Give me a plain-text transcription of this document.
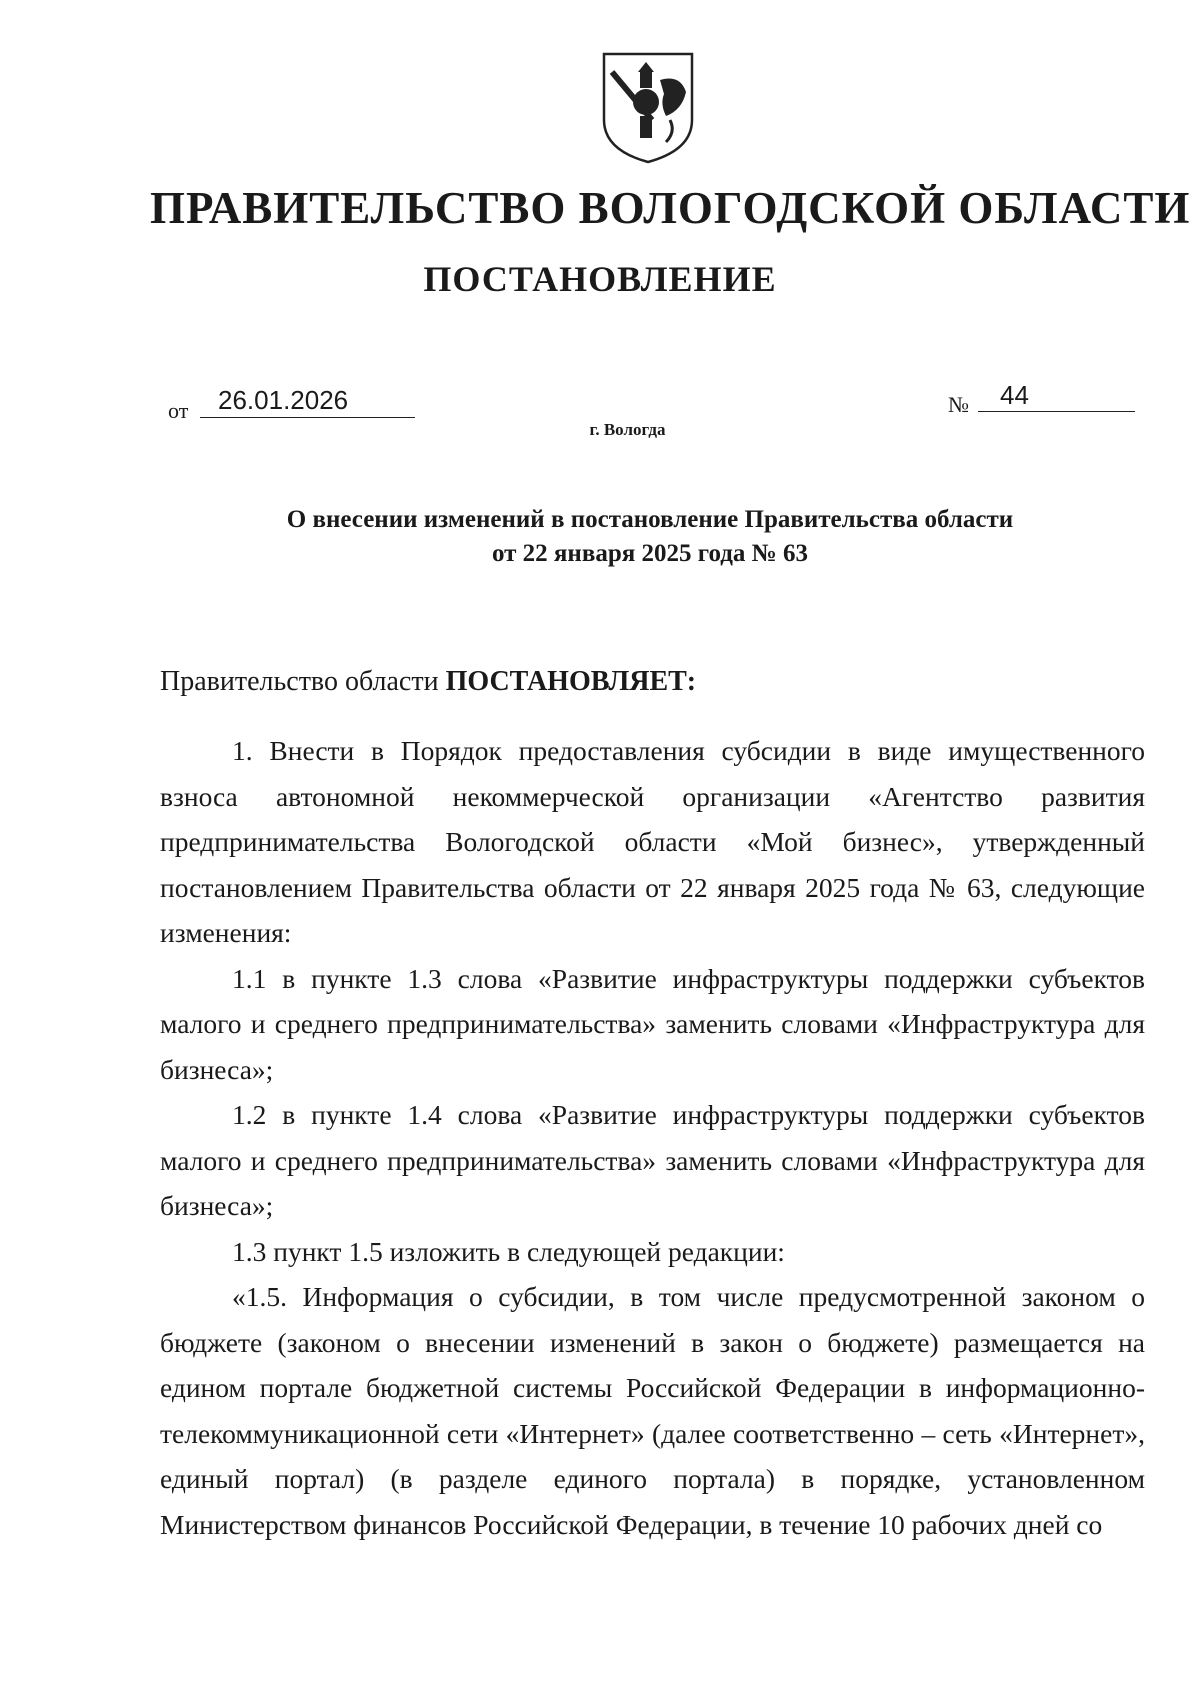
ПРАВИТЕЛЬСТВО ВОЛОГОДСКОЙ ОБЛАСТИ
ПОСТАНОВЛЕНИЕ
от	26.01.2026	№	44
г. Вологда
О внесении изменений в постановление Правительства области
от 22 января 2025 года № 63
Правительство области ПОСТАНОВЛЯЕТ:

1. Внести в Порядок предоставления субсидии в виде имущественного взноса автономной некоммерческой организации «Агентство развития предпринимательства Вологодской области «Мой бизнес», утвержденный постановлением Правительства области от 22 января 2025 года № 63, следующие изменения:

1.1 в пункте 1.3 слова «Развитие инфраструктуры поддержки субъектов малого и среднего предпринимательства» заменить словами «Инфраструктура для бизнеса»;

1.2 в пункте 1.4 слова «Развитие инфраструктуры поддержки субъектов малого и среднего предпринимательства» заменить словами «Инфраструктура для бизнеса»;

1.3 пункт 1.5 изложить в следующей редакции:

«1.5. Информация о субсидии, в том числе предусмотренной законом о бюджете (законом о внесении изменений в закон о бюджете) размещается на едином портале бюджетной системы Российской Федерации в информационно-телекоммуникационной сети «Интернет» (далее соответственно – сеть «Интернет», единый портал) (в разделе единого портала) в порядке, установленном Министерством финансов Российской Федерации, в течение 10 рабочих дней со
